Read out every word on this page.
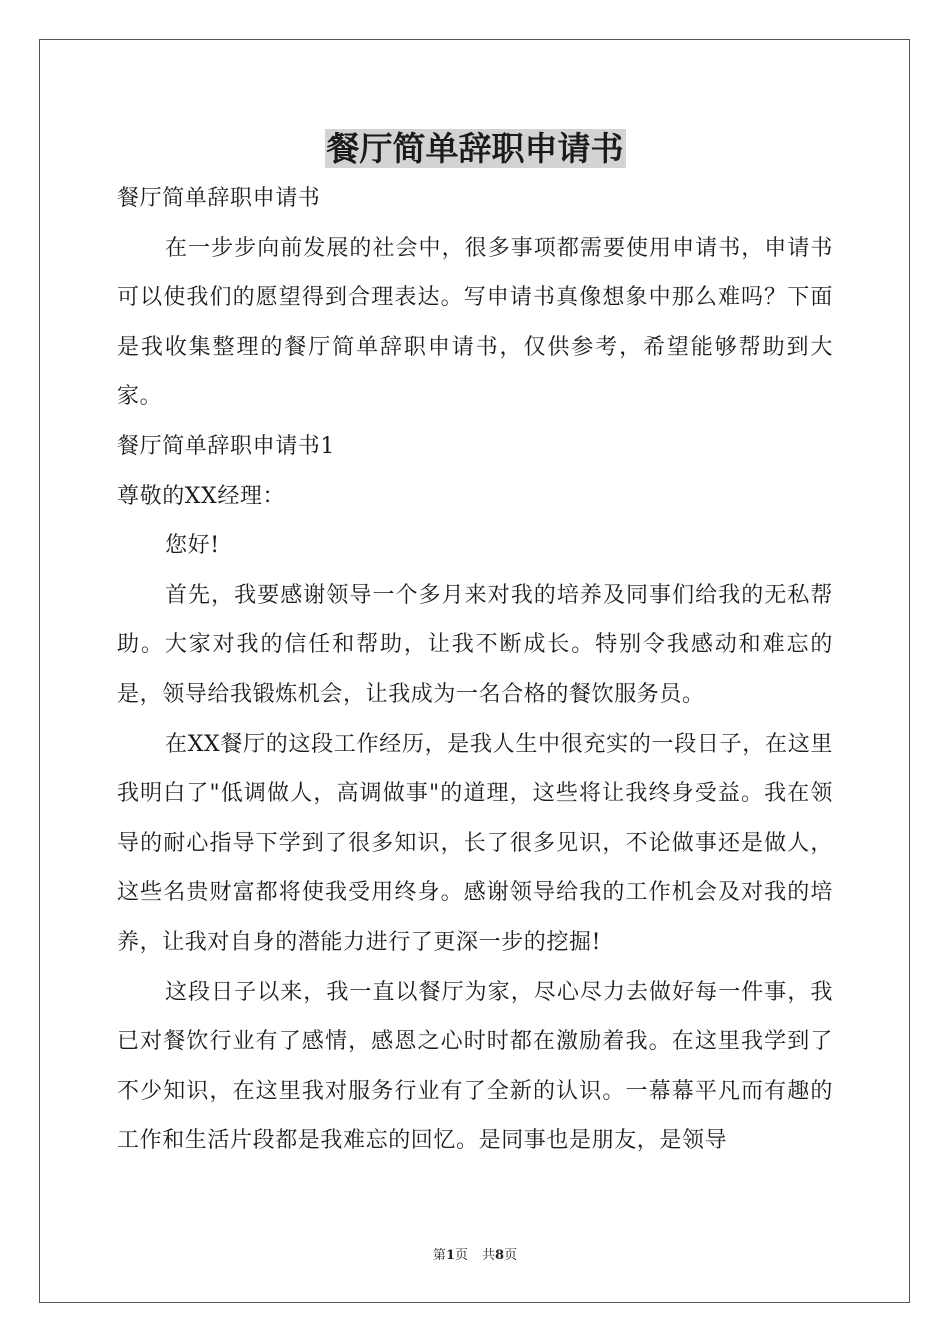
餐厅简单辞职申请书

餐厅简单辞职申请书

在一步步向前发展的社会中，很多事项都需要使用申请书，申请书可以使我们的愿望得到合理表达。写申请书真像想象中那么难吗？下面是我收集整理的餐厅简单辞职申请书，仅供参考，希望能够帮助到大家。

餐厅简单辞职申请书1

尊敬的XX经理：

您好!

首先，我要感谢领导一个多月来对我的培养及同事们给我的无私帮助。大家对我的信任和帮助，让我不断成长。特别令我感动和难忘的是，领导给我锻炼机会，让我成为一名合格的餐饮服务员。

在XX餐厅的这段工作经历，是我人生中很充实的一段日子，在这里我明白了"低调做人，高调做事"的道理，这些将让我终身受益。我在领导的耐心指导下学到了很多知识，长了很多见识，不论做事还是做人，这些名贵财富都将使我受用终身。感谢领导给我的工作机会及对我的培养，让我对自身的潜能力进行了更深一步的挖掘!

这段日子以来，我一直以餐厅为家，尽心尽力去做好每一件事，我已对餐饮行业有了感情，感恩之心时时都在激励着我。在这里我学到了不少知识，在这里我对服务行业有了全新的认识。一幕幕平凡而有趣的工作和生活片段都是我难忘的回忆。是同事也是朋友，是领导

第1页 共8页
